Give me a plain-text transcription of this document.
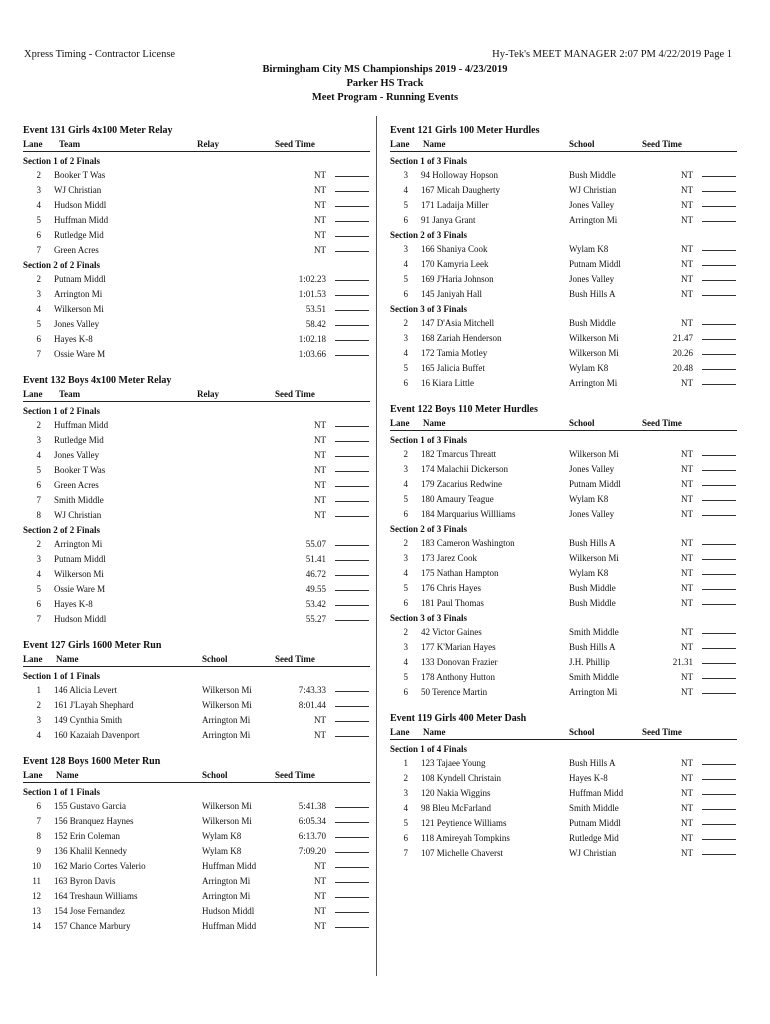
Xpress Timing - Contractor License	Hy-Tek's MEET MANAGER 2:07 PM 4/22/2019 Page 1
Birmingham City MS Championships 2019 - 4/23/2019
Parker HS Track
Meet Program - Running Events
Event 131 Girls 4x100 Meter Relay
Lane Team	Relay	Seed Time
Section 1 of 2 Finals
2 Booker T Was	NT
3 WJ Christian	NT
4 Hudson Middl	NT
5 Huffman Midd	NT
6 Rutledge Mid	NT
7 Green Acres	NT
Section 2 of 2 Finals
2 Putnam Middl	1:02.23
3 Arrington Mi	1:01.53
4 Wilkerson Mi	53.51
5 Jones Valley	58.42
6 Hayes K-8	1:02.18
7 Ossie Ware M	1:03.66
Event 132 Boys 4x100 Meter Relay
Lane Team	Relay	Seed Time
Section 1 of 2 Finals
2 Huffman Midd	NT
3 Rutledge Mid	NT
4 Jones Valley	NT
5 Booker T Was	NT
6 Green Acres	NT
7 Smith Middle	NT
8 WJ Christian	NT
Section 2 of 2 Finals
2 Arrington Mi	55.07
3 Putnam Middl	51.41
4 Wilkerson Mi	46.72
5 Ossie Ware M	49.55
6 Hayes K-8	53.42
7 Hudson Middl	55.27
Event 127 Girls 1600 Meter Run
Lane Name	School	Seed Time
Section 1 of 1 Finals
1 146 Alicia Levert	Wilkerson Mi	7:43.33
2 161 J'Layah Shephard	Wilkerson Mi	8:01.44
3 149 Cynthia Smith	Arrington Mi	NT
4 160 Kazaiah Davenport	Arrington Mi	NT
Event 128 Boys 1600 Meter Run
Lane Name	School	Seed Time
Section 1 of 1 Finals
6 155 Gustavo Garcia	Wilkerson Mi	5:41.38
7 156 Branquez Haynes	Wilkerson Mi	6:05.34
8 152 Erin Coleman	Wylam K8	6:13.70
9 136 Khalil Kennedy	Wylam K8	7:09.20
10 162 Mario Cortes Valerio	Huffman Midd	NT
11 163 Byron Davis	Arrington Mi	NT
12 164 Treshaun Williams	Arrington Mi	NT
13 154 Jose Fernandez	Hudson Middl	NT
14 157 Chance Marbury	Huffman Midd	NT
Event 121 Girls 100 Meter Hurdles
Lane Name	School	Seed Time
Section 1 of 3 Finals
3 94 Holloway Hopson	Bush Middle	NT
4 167 Micah Daugherty	WJ Christian	NT
5 171 Ladaija Miller	Jones Valley	NT
6 91 Janya Grant	Arrington Mi	NT
Section 2 of 3 Finals
3 166 Shaniya Cook	Wylam K8	NT
4 170 Kamyria Leek	Putnam Middl	NT
5 169 J'Haria Johnson	Jones Valley	NT
6 145 Janiyah Hall	Bush Hills A	NT
Section 3 of 3 Finals
2 147 D'Asia Mitchell	Bush Middle	NT
3 168 Zariah Henderson	Wilkerson Mi	21.47
4 172 Tamia Motley	Wilkerson Mi	20.26
5 165 Jalicia Buffet	Wylam K8	20.48
6 16 Kiara Little	Arrington Mi	NT
Event 122 Boys 110 Meter Hurdles
Lane Name	School	Seed Time
Section 1 of 3 Finals
2 182 Tmarcus Threatt	Wilkerson Mi	NT
3 174 Malachii Dickerson	Jones Valley	NT
4 179 Zacarius Redwine	Putnam Middl	NT
5 180 Amaury Teague	Wylam K8	NT
6 184 Marquarius Willliams	Jones Valley	NT
Section 2 of 3 Finals
2 183 Cameron Washington	Bush Hills A	NT
3 173 Jarez Cook	Wilkerson Mi	NT
4 175 Nathan Hampton	Wylam K8	NT
5 176 Chris Hayes	Bush Middle	NT
6 181 Paul Thomas	Bush Middle	NT
Section 3 of 3 Finals
2 42 Victor Gaines	Smith Middle	NT
3 177 K'Marian Hayes	Bush Hills A	NT
4 133 Donovan Frazier	J.H. Phillip	21.31
5 178 Anthony Hutton	Smith Middle	NT
6 50 Terence Martin	Arrington Mi	NT
Event 119 Girls 400 Meter Dash
Lane Name	School	Seed Time
Section 1 of 4 Finals
1 123 Tajaee Young	Bush Hills A	NT
2 108 Kyndell Christain	Hayes K-8	NT
3 120 Nakia Wiggins	Huffman Midd	NT
4 98 Bleu McFarland	Smith Middle	NT
5 121 Peytience Williams	Putnam Middl	NT
6 118 Amireyah Tompkins	Rutledge Mid	NT
7 107 Michelle Chaverst	WJ Christian	NT
